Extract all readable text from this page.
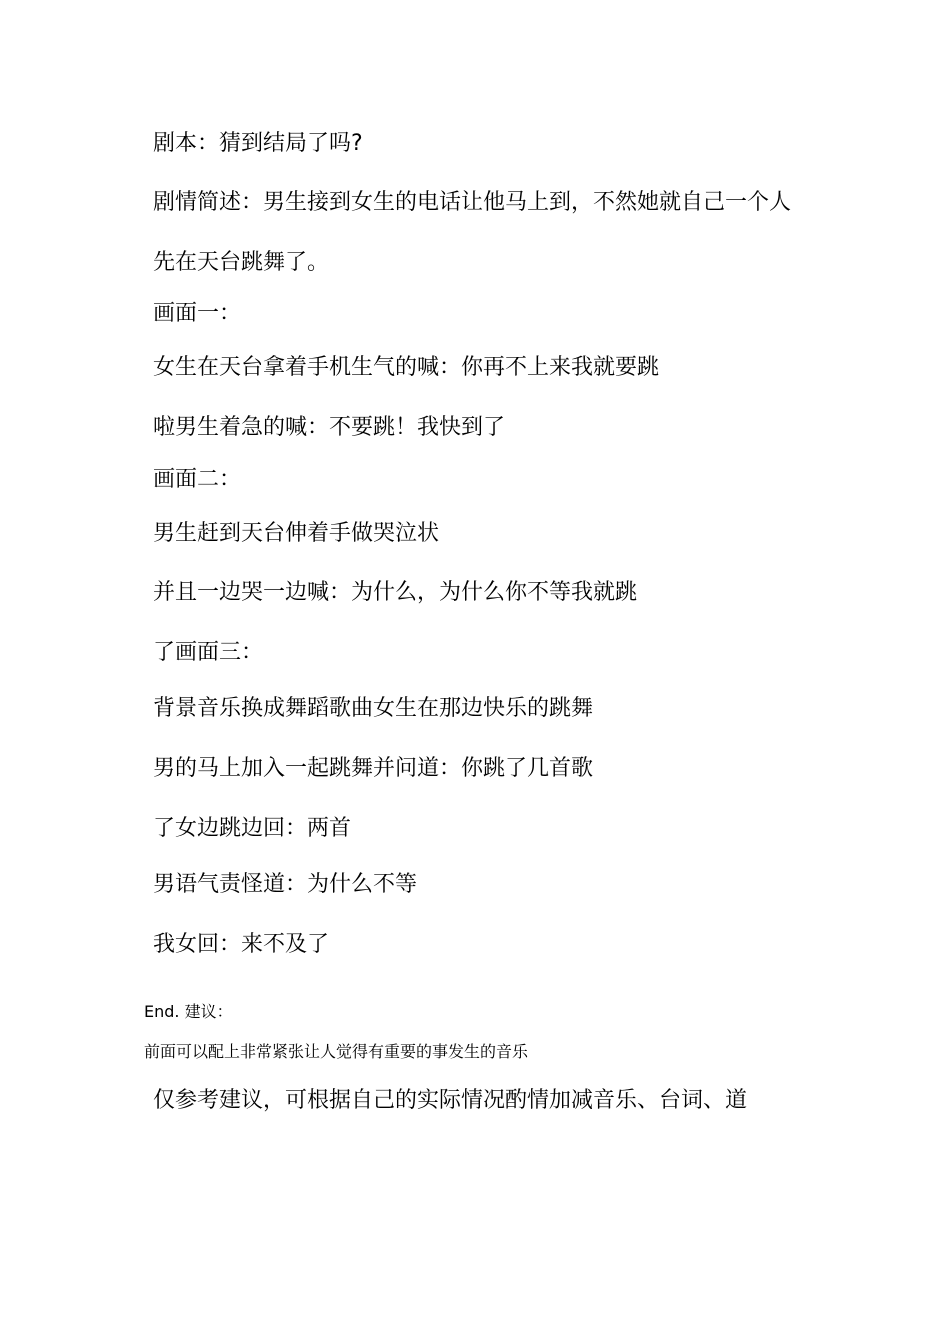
剧本：猜到结局了吗?
剧情简述：男生接到女生的电话让他马上到，不然她就自己一个人
先在天台跳舞了。
画面一：
女生在天台拿着手机生气的喊：你再不上来我就要跳
啦男生着急的喊：不要跳！我快到了
画面二：
男生赶到天台伸着手做哭泣状
并且一边哭一边喊：为什么，为什么你不等我就跳
了画面三：
背景音乐换成舞蹈歌曲女生在那边快乐的跳舞
男的马上加入一起跳舞并问道：你跳了几首歌
了女边跳边回：两首
男语气责怪道：为什么不等
我女回：来不及了
End. 建议：
前面可以配上非常紧张让人觉得有重要的事发生的音乐
仅参考建议，可根据自己的实际情况酌情加减音乐、台词、道
